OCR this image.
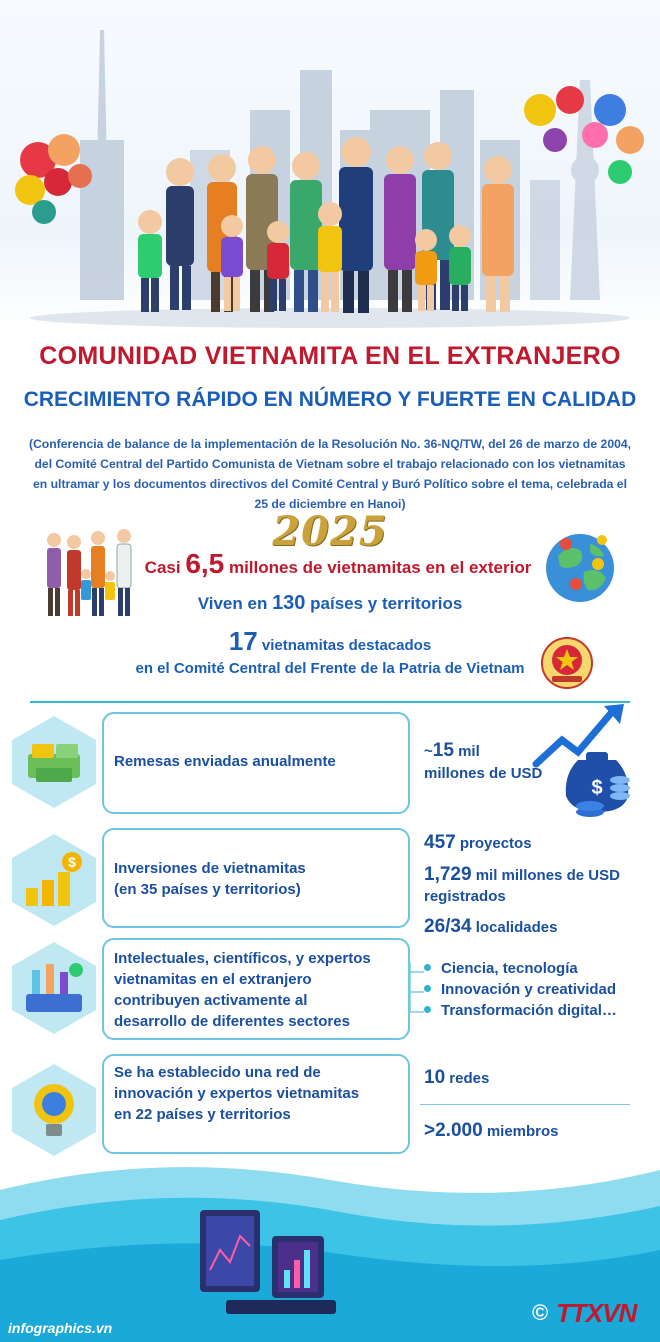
COMUNIDAD VIETNAMITA EN EL EXTRANJERO
CRECIMIENTO RÁPIDO EN NÚMERO Y FUERTE EN CALIDAD
(Conferencia de balance de la implementación de la Resolución No. 36-NQ/TW, del 26 de marzo de 2004, del Comité Central del Partido Comunista de Vietnam sobre el trabajo relacionado con los vietnamitas en ultramar y los documentos directivos del Comité Central y Buró Político sobre el tema, celebrada el 25 de diciembre en Hanoi)
2025
Casi 6,5 millones de vietnamitas en el exterior
Viven en 130 países y territorios
17 vietnamitas destacados
en el Comité Central del Frente de la Patria de Vietnam
Remesas enviadas anualmente
~15 mil
millones de USD
$
$	Inversiones de vietnamitas
(en 35 países y territorios)
457 proyectos
1,729 mil millones de USD
registrados
26/34 localidades
Intelectuales, científicos, y expertos
vietnamitas en el extranjero
contribuyen activamente al
desarrollo de diferentes sectores
Ciencia, tecnología
Innovación y creatividad
Transformación digital…
Se ha establecido una red de
innovación y expertos vietnamitas
en 22 países y territorios
10 redes
>2.000 miembros
infographics.vn
© TTXVN
